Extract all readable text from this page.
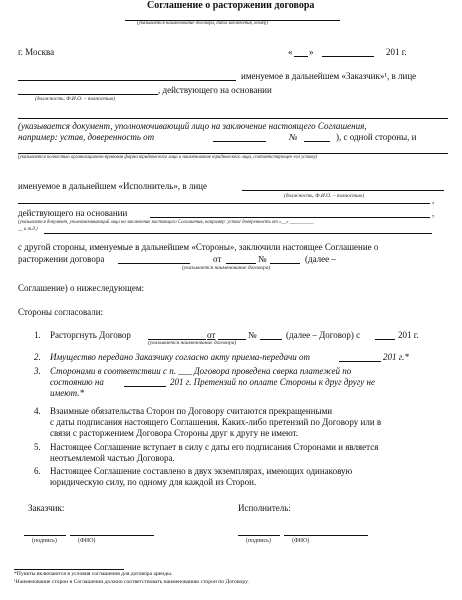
Соглашение о расторжении договора
(указывается наименование договора, дата заключения, номер)
г. Москва	« »	201 г.
именуемое в дальнейшем «Заказчик»¹, в лице
, действующего на основании
(должность, Ф.И.О. – полностью)
(указывается документ, уполномочивающий лицо на заключение настоящего Соглашения,
например: устав, доверенность от	№	), с одной стороны, и
(указывается полностью организационно-правовая форма юридического лица и наименование юридического лица, соответствующее его уставу)
именуемое в дальнейшем «Исполнитель», в лице
(должность, Ф.И.О. – полностью)	,
действующего на основании	,
(указывается документ, уполномочивающий лицо на заключение настоящего Соглашения, например: устав/ доверенность от «__» __________
__ и т.д.)
с другой стороны, именуемые в дальнейшем «Стороны», заключили настоящее Соглашение о
расторжении договора	от	№	(далее –
(указывается наименование договора)
Соглашение) о нижеследующем:
Стороны согласовали:
1. Расторгнуть Договор	от	№	(далее – Договор) с	201 г.
(указывается наименование договора)
2. Имущество передано Заказчику согласно акту приема-передачи от	201 г.*
3. Сторонами в соответствии с п. ___ Договора проведена сверка платежей по
состоянию на	201 г. Претензий по оплате Стороны к друг другу не
имеют.*
4. Взаимные обязательства Сторон по Договору считаются прекращенными
с даты подписания настоящего Соглашения. Каких-либо претензий по Договору или в
связи с расторжением Договора Стороны друг к другу не имеют.
5. Настоящее Соглашение вступает в силу с даты его подписания Сторонами и является
неотъемлемой частью Договора.
6. Настоящее Соглашение составлено в двух экземплярах, имеющих одинаковую
юридическую силу, по одному для каждой из Сторон.
Заказчик:	Исполнитель:
(подпись)	(ФИО)	(подпись)	(ФИО)
*Пункты включаются в условия соглашения для договора аренды.
¹Наименование сторон в Соглашении должно соответствовать наименованию сторон по Договору.
